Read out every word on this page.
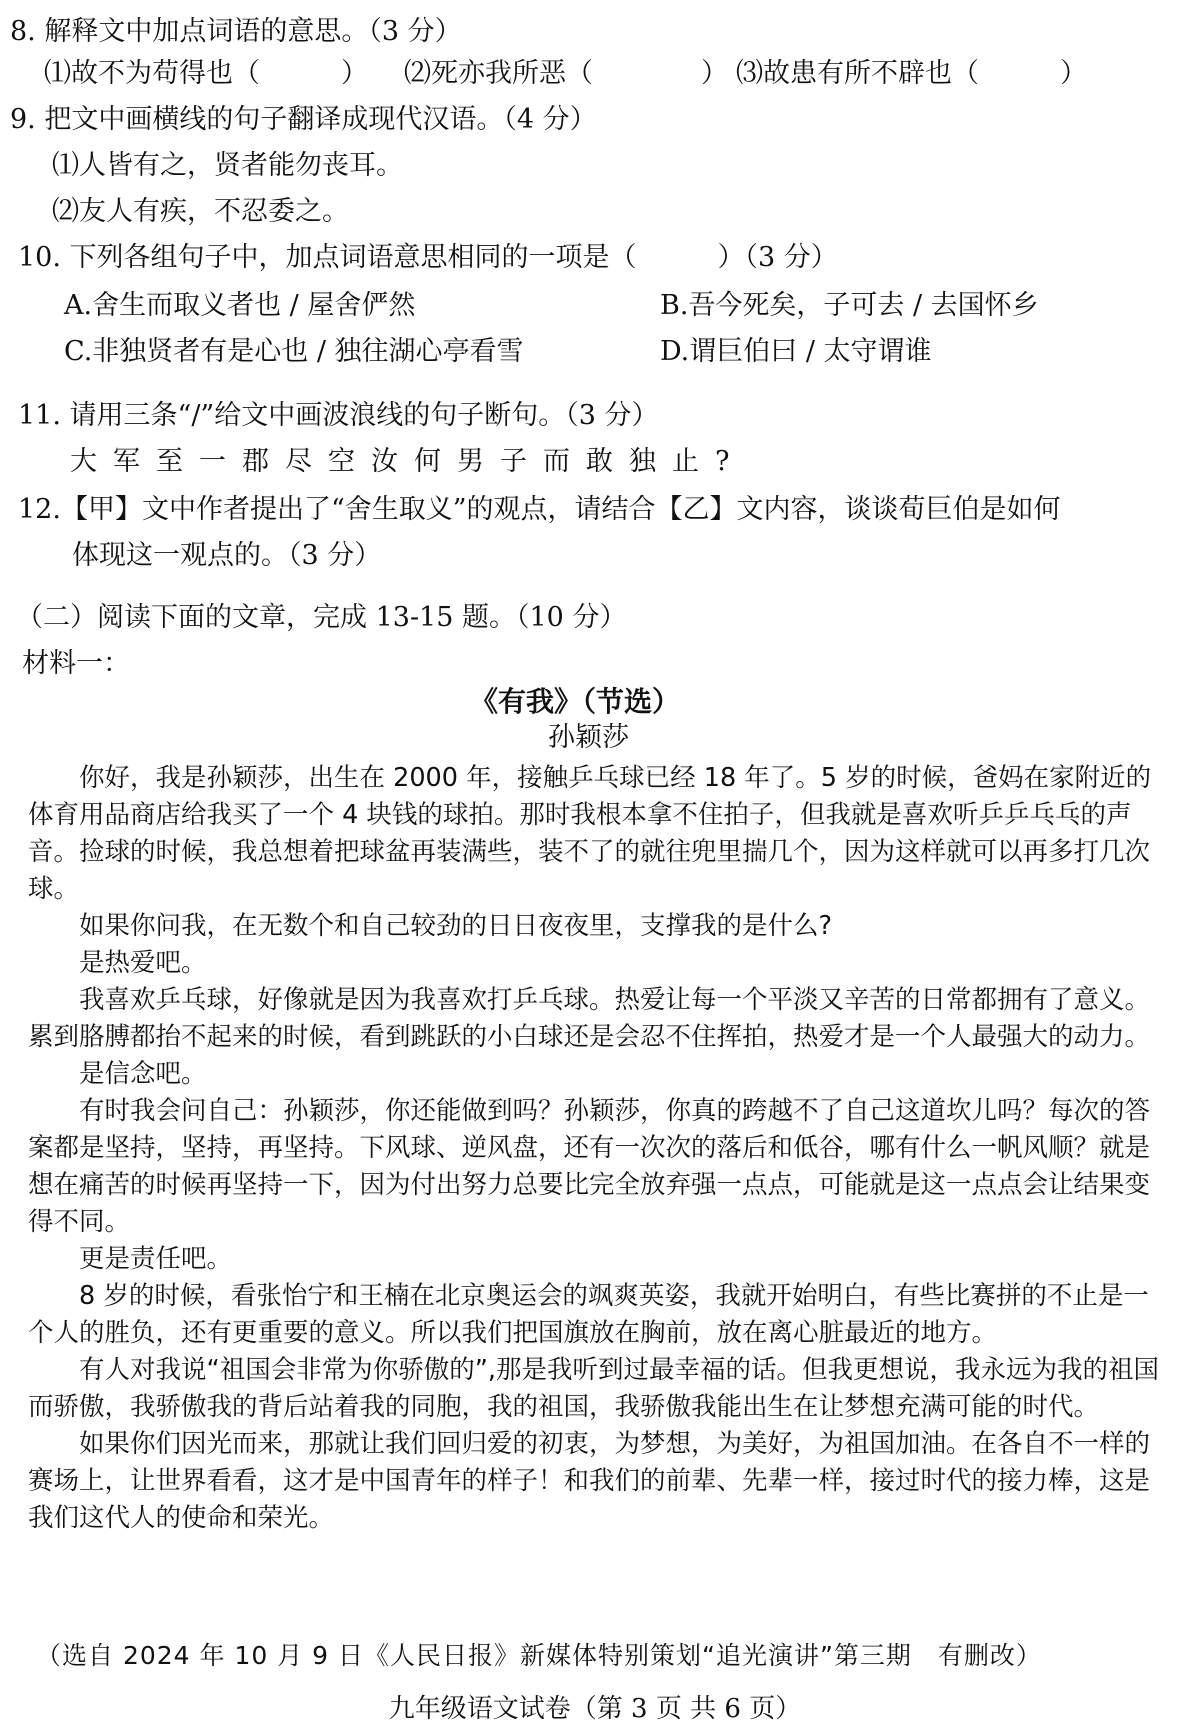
8. 解释文中加点词语的意思。（3 分）
⑴故不为苟得也（　　　） ⑵死亦我所恶（　　　　） ⑶故患有所不辟也（　　　）
9. 把文中画横线的句子翻译成现代汉语。（4 分）
⑴人皆有之，贤者能勿丧耳。
⑵友人有疾，不忍委之。
10. 下列各组句子中，加点词语意思相同的一项是（　　　）（3 分）
A.舍生而取义者也 / 屋舍俨然	B.吾今死矣，子可去 / 去国怀乡
C.非独贤者有是心也 / 独往湖心亭看雪	D.谓巨伯曰 / 太守谓谁
11. 请用三条“/”给文中画波浪线的句子断句。（3 分）
大军至一郡尽空汝何男子而敢独止?
12.【甲】文中作者提出了“舍生取义”的观点，请结合【乙】文内容，谈谈荀巨伯是如何
体现这一观点的。（3 分）
（二）阅读下面的文章，完成 13-15 题。（10 分）
材料一：
《有我》（节选）
孙颖莎

你好，我是孙颖莎，出生在 2000 年，接触乒乓球已经 18 年了。5 岁的时候，爸妈在家附近的体育用品商店给我买了一个 4 块钱的球拍。那时我根本拿不住拍子，但我就是喜欢听乒乒乓乓的声音。捡球的时候，我总想着把球盆再装满些，装不了的就往兜里揣几个，因为这样就可以再多打几次球。

如果你问我，在无数个和自己较劲的日日夜夜里，支撑我的是什么?

是热爱吧。

我喜欢乒乓球，好像就是因为我喜欢打乒乓球。热爱让每一个平淡又辛苦的日常都拥有了意义。累到胳膊都抬不起来的时候，看到跳跃的小白球还是会忍不住挥拍，热爱才是一个人最强大的动力。

是信念吧。

有时我会问自己：孙颖莎，你还能做到吗？孙颖莎，你真的跨越不了自己这道坎儿吗？每次的答案都是坚持，坚持，再坚持。下风球、逆风盘，还有一次次的落后和低谷，哪有什么一帆风顺？就是想在痛苦的时候再坚持一下，因为付出努力总要比完全放弃强一点点，可能就是这一点点会让结果变得不同。

更是责任吧。

8 岁的时候，看张怡宁和王楠在北京奥运会的飒爽英姿，我就开始明白，有些比赛拼的不止是一个人的胜负，还有更重要的意义。所以我们把国旗放在胸前，放在离心脏最近的地方。

有人对我说“祖国会非常为你骄傲的”,那是我听到过最幸福的话。但我更想说，我永远为我的祖国而骄傲，我骄傲我的背后站着我的同胞，我的祖国，我骄傲我能出生在让梦想充满可能的时代。

如果你们因光而来，那就让我们回归爱的初衷，为梦想，为美好，为祖国加油。在各自不一样的赛场上，让世界看看，这才是中国青年的样子！和我们的前辈、先辈一样，接过时代的接力棒，这是我们这代人的使命和荣光。

（选自 2024 年 10 月 9 日《人民日报》新媒体特别策划“追光演讲”第三期　有删改）
九年级语文试卷（第 3 页 共 6 页）
